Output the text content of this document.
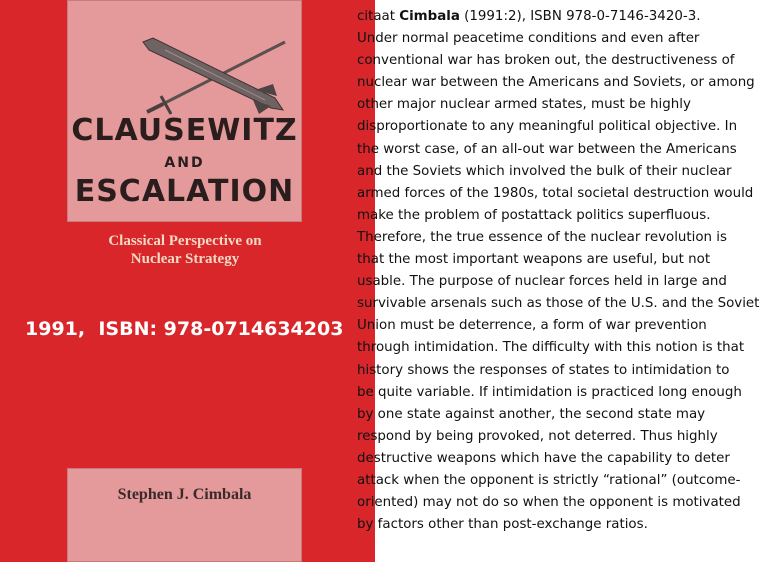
CLAUSEWITZ
AND
ESCALATION
Classical Perspective on
Nuclear Strategy
1991,  ISBN: 978-0714634203
Stephen J. Cimbala
citaat Cimbala (1991:2), ISBN 978-0-7146-3420-3.
Under normal peacetime conditions and even after
conventional war has broken out, the destructiveness of
nuclear war between the Americans and Soviets, or among
other major nuclear armed states, must be highly
disproportionate to any meaningful political objective. In
the worst case, of an all-out war between the Americans
and the Soviets which involved the bulk of their nuclear
armed forces of the 1980s, total societal destruction would
make the problem of postattack politics superfluous.
Therefore, the true essence of the nuclear revolution is
that the most important weapons are useful, but not
usable. The purpose of nuclear forces held in large and
survivable arsenals such as those of the U.S. and the Soviet
Union must be deterrence, a form of war prevention
through intimidation. The difficulty with this notion is that
history shows the responses of states to intimidation to
be quite variable. If intimidation is practiced long enough
by one state against another, the second state may
respond by being provoked, not deterred. Thus highly
destructive weapons which have the capability to deter
attack when the opponent is strictly “rational” (outcome-
oriented) may not do so when the opponent is motivated
by factors other than post-exchange ratios.
